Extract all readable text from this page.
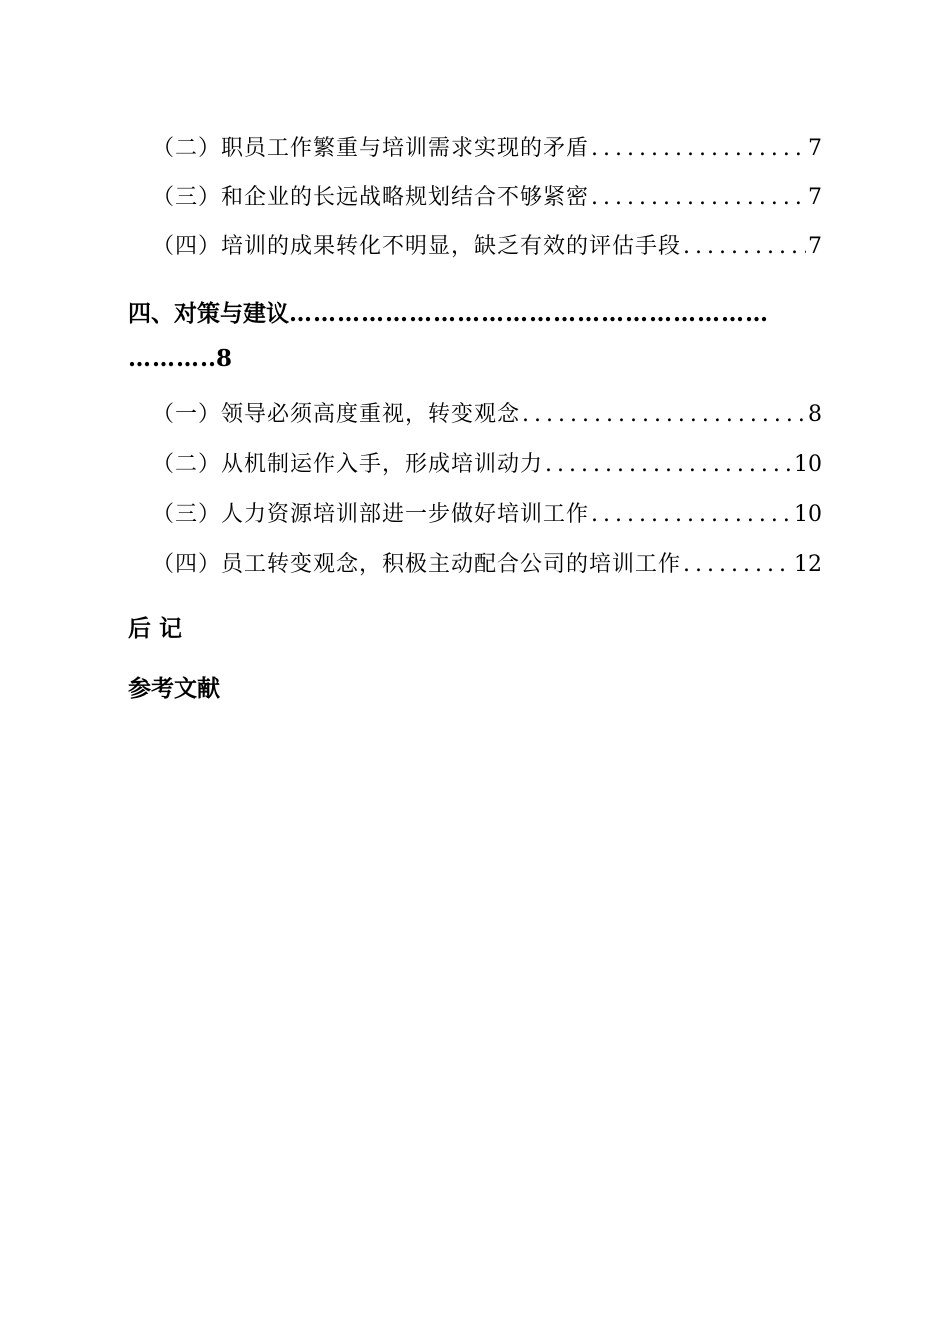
（二）职员工作繁重与培训需求实现的矛盾 .....	7
（三）和企业的长远战略规划结合不够紧密 .....	7
（四）培训的成果转化不明显，缺乏有效的评估手段 .....	7
四、对策与建议……………………………………………………
………..8
（一）领导必须高度重视，转变观念 .....	8
（二）从机制运作入手，形成培训动力 .....	10
（三）人力资源培训部进一步做好培训工作 .....	10
（四）员工转变观念，积极主动配合公司的培训工作 .....	12
后 记
参考文献
